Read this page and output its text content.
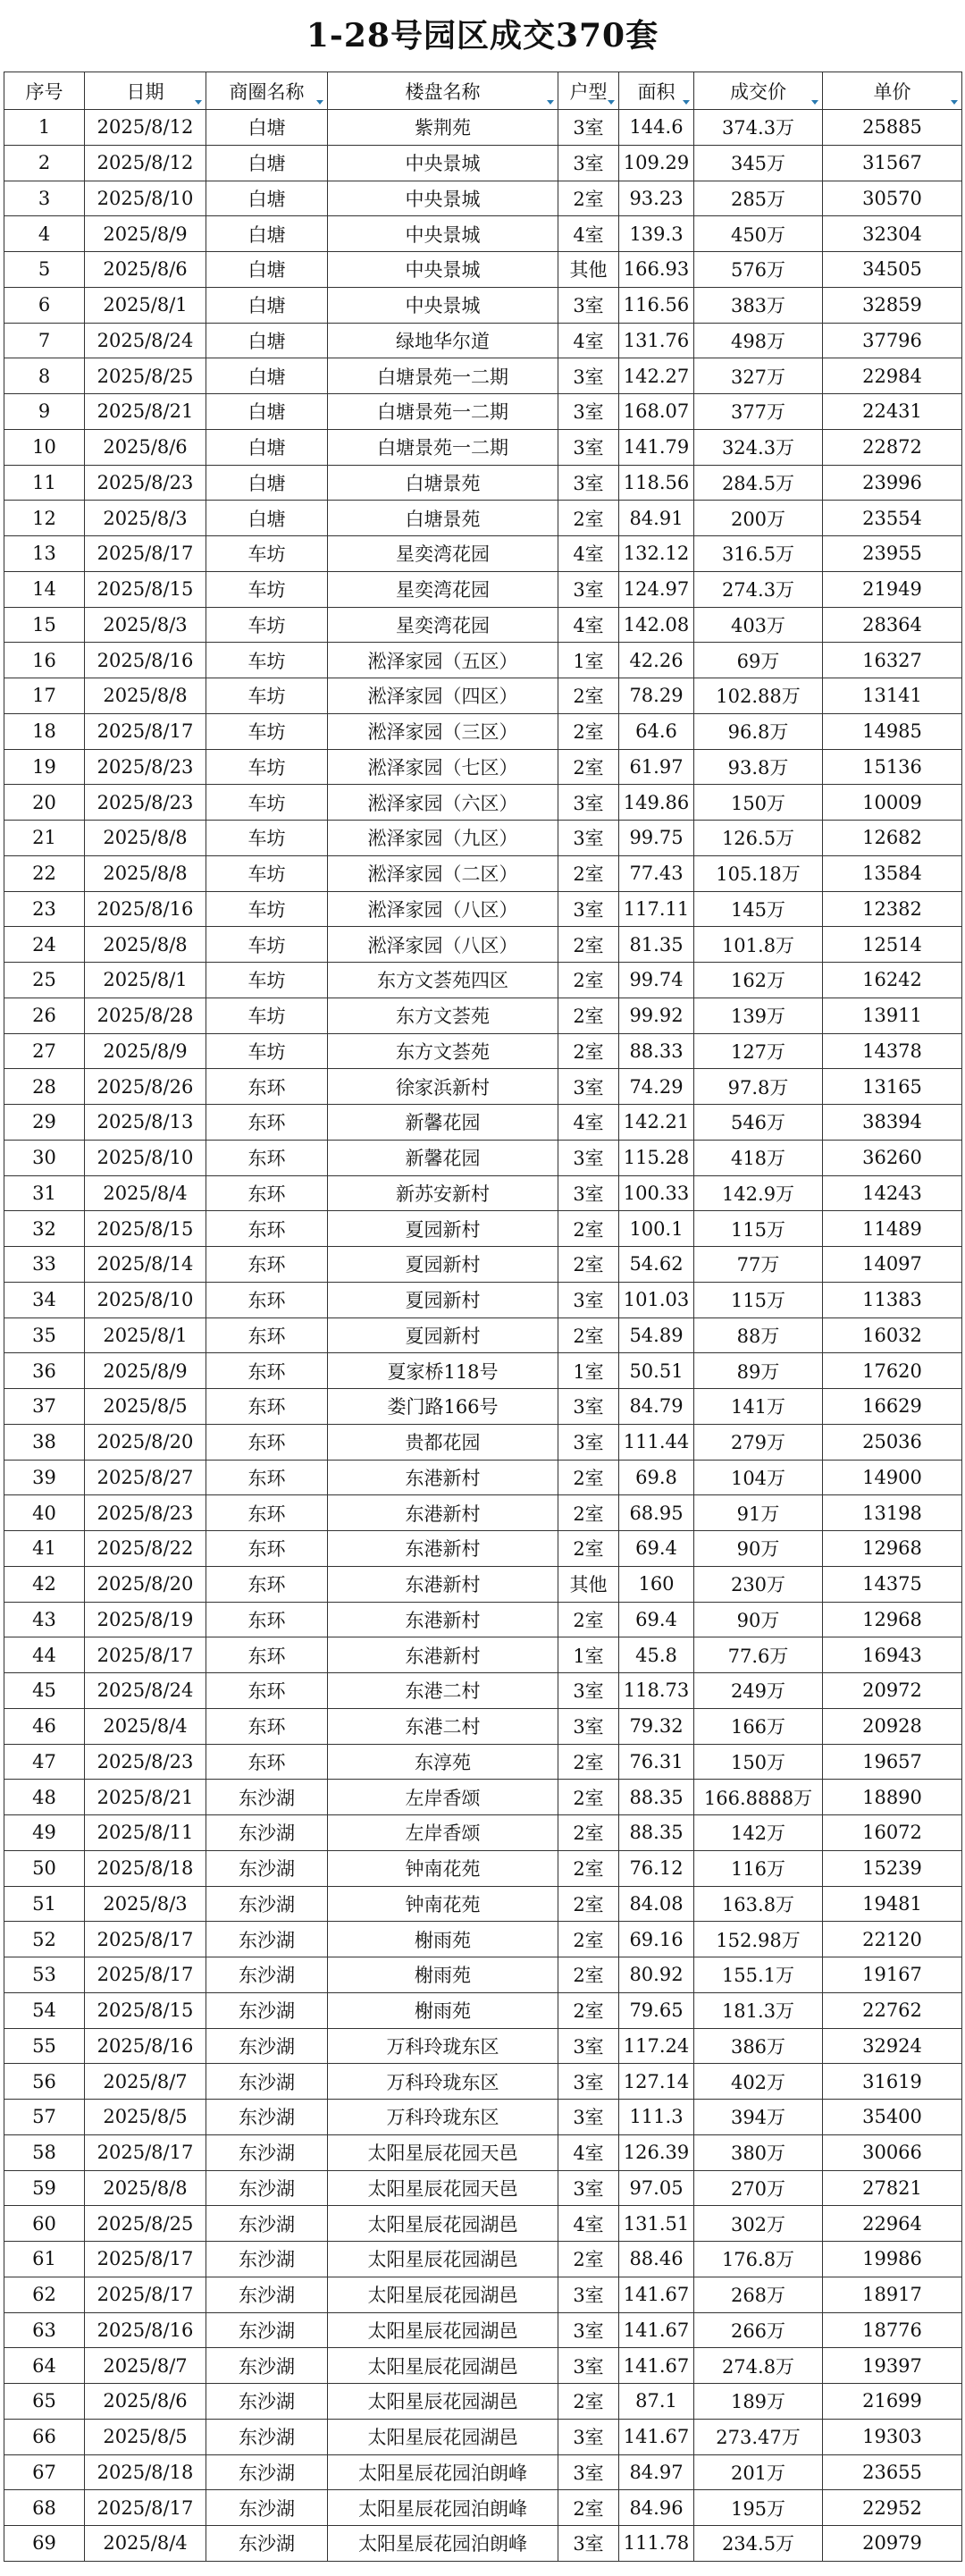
1-28号园区成交370套
序号	日期	商圈名称	楼盘名称	户型	面积	成交价	单价

1	2025/8/12	白塘	紫荆苑	3室	144.6	374.3万	25885
2	2025/8/12	白塘	中央景城	3室	109.29	345万	31567
3	2025/8/10	白塘	中央景城	2室	93.23	285万	30570
4	2025/8/9	白塘	中央景城	4室	139.3	450万	32304
5	2025/8/6	白塘	中央景城	其他	166.93	576万	34505
6	2025/8/1	白塘	中央景城	3室	116.56	383万	32859
7	2025/8/24	白塘	绿地华尔道	4室	131.76	498万	37796
8	2025/8/25	白塘	白塘景苑一二期	3室	142.27	327万	22984
9	2025/8/21	白塘	白塘景苑一二期	3室	168.07	377万	22431
10	2025/8/6	白塘	白塘景苑一二期	3室	141.79	324.3万	22872
11	2025/8/23	白塘	白塘景苑	3室	118.56	284.5万	23996
12	2025/8/3	白塘	白塘景苑	2室	84.91	200万	23554
13	2025/8/17	车坊	星奕湾花园	4室	132.12	316.5万	23955
14	2025/8/15	车坊	星奕湾花园	3室	124.97	274.3万	21949
15	2025/8/3	车坊	星奕湾花园	4室	142.08	403万	28364
16	2025/8/16	车坊	淞泽家园（五区）	1室	42.26	69万	16327
17	2025/8/8	车坊	淞泽家园（四区）	2室	78.29	102.88万	13141
18	2025/8/17	车坊	淞泽家园（三区）	2室	64.6	96.8万	14985
19	2025/8/23	车坊	淞泽家园（七区）	2室	61.97	93.8万	15136
20	2025/8/23	车坊	淞泽家园（六区）	3室	149.86	150万	10009
21	2025/8/8	车坊	淞泽家园（九区）	3室	99.75	126.5万	12682
22	2025/8/8	车坊	淞泽家园（二区）	2室	77.43	105.18万	13584
23	2025/8/16	车坊	淞泽家园（八区）	3室	117.11	145万	12382
24	2025/8/8	车坊	淞泽家园（八区）	2室	81.35	101.8万	12514
25	2025/8/1	车坊	东方文荟苑四区	2室	99.74	162万	16242
26	2025/8/28	车坊	东方文荟苑	2室	99.92	139万	13911
27	2025/8/9	车坊	东方文荟苑	2室	88.33	127万	14378
28	2025/8/26	东环	徐家浜新村	3室	74.29	97.8万	13165
29	2025/8/13	东环	新馨花园	4室	142.21	546万	38394
30	2025/8/10	东环	新馨花园	3室	115.28	418万	36260
31	2025/8/4	东环	新苏安新村	3室	100.33	142.9万	14243
32	2025/8/15	东环	夏园新村	2室	100.1	115万	11489
33	2025/8/14	东环	夏园新村	2室	54.62	77万	14097
34	2025/8/10	东环	夏园新村	3室	101.03	115万	11383
35	2025/8/1	东环	夏园新村	2室	54.89	88万	16032
36	2025/8/9	东环	夏家桥118号	1室	50.51	89万	17620
37	2025/8/5	东环	娄门路166号	3室	84.79	141万	16629
38	2025/8/20	东环	贵都花园	3室	111.44	279万	25036
39	2025/8/27	东环	东港新村	2室	69.8	104万	14900
40	2025/8/23	东环	东港新村	2室	68.95	91万	13198
41	2025/8/22	东环	东港新村	2室	69.4	90万	12968
42	2025/8/20	东环	东港新村	其他	160	230万	14375
43	2025/8/19	东环	东港新村	2室	69.4	90万	12968
44	2025/8/17	东环	东港新村	1室	45.8	77.6万	16943
45	2025/8/24	东环	东港二村	3室	118.73	249万	20972
46	2025/8/4	东环	东港二村	3室	79.32	166万	20928
47	2025/8/23	东环	东淳苑	2室	76.31	150万	19657
48	2025/8/21	东沙湖	左岸香颂	2室	88.35	166.8888万	18890
49	2025/8/11	东沙湖	左岸香颂	2室	88.35	142万	16072
50	2025/8/18	东沙湖	钟南花苑	2室	76.12	116万	15239
51	2025/8/3	东沙湖	钟南花苑	2室	84.08	163.8万	19481
52	2025/8/17	东沙湖	榭雨苑	2室	69.16	152.98万	22120
53	2025/8/17	东沙湖	榭雨苑	2室	80.92	155.1万	19167
54	2025/8/15	东沙湖	榭雨苑	2室	79.65	181.3万	22762
55	2025/8/16	东沙湖	万科玲珑东区	3室	117.24	386万	32924
56	2025/8/7	东沙湖	万科玲珑东区	3室	127.14	402万	31619
57	2025/8/5	东沙湖	万科玲珑东区	3室	111.3	394万	35400
58	2025/8/17	东沙湖	太阳星辰花园天邑	4室	126.39	380万	30066
59	2025/8/8	东沙湖	太阳星辰花园天邑	3室	97.05	270万	27821
60	2025/8/25	东沙湖	太阳星辰花园湖邑	4室	131.51	302万	22964
61	2025/8/17	东沙湖	太阳星辰花园湖邑	2室	88.46	176.8万	19986
62	2025/8/17	东沙湖	太阳星辰花园湖邑	3室	141.67	268万	18917
63	2025/8/16	东沙湖	太阳星辰花园湖邑	3室	141.67	266万	18776
64	2025/8/7	东沙湖	太阳星辰花园湖邑	3室	141.67	274.8万	19397
65	2025/8/6	东沙湖	太阳星辰花园湖邑	2室	87.1	189万	21699
66	2025/8/5	东沙湖	太阳星辰花园湖邑	3室	141.67	273.47万	19303
67	2025/8/18	东沙湖	太阳星辰花园泊朗峰	3室	84.97	201万	23655
68	2025/8/17	东沙湖	太阳星辰花园泊朗峰	2室	84.96	195万	22952
69	2025/8/4	东沙湖	太阳星辰花园泊朗峰	3室	111.78	234.5万	20979
